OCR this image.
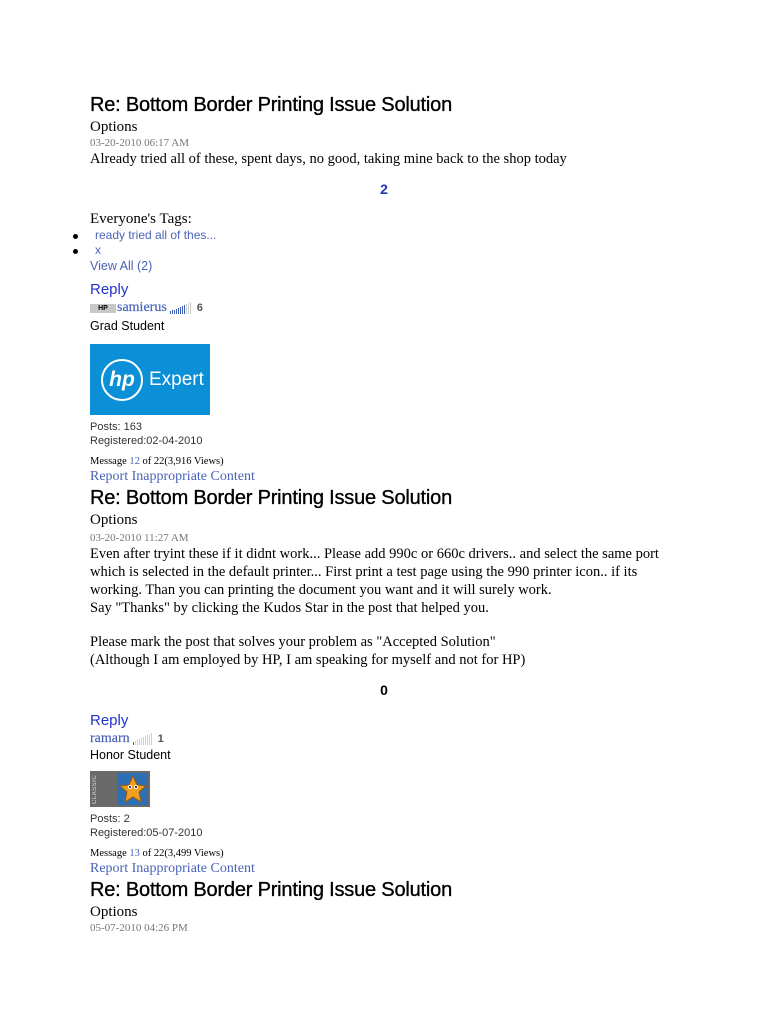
Re: Bottom Border Printing Issue Solution
Options
03-20-2010 06:17 AM
Already tried all of these, spent days, no good, taking mine back to the shop today
2
Everyone's Tags:
ready tried all of thes...
x
View All (2)
Reply
HP samierus	6
Grad Student
hp Expert
Posts: 163
Registered:02-04-2010
Message 12 of 22(3,916 Views)
Report Inappropriate Content
Re: Bottom Border Printing Issue Solution
Options
03-20-2010 11:27 AM
Even after tryint these if it didnt work... Please add 990c or 660c drivers.. and select the same port which is selected in the default printer... First print a test page using the 990 printer icon.. if its working. Than you can printing the document you want and it will surely work.
Say "Thanks" by clicking the Kudos Star in the post that helped you.
Please mark the post that solves your problem as "Accepted Solution"
(Although I am employed by HP, I am speaking for myself and not for HP)
0
Reply
ramarn	1
Honor Student
CLASSIC
Posts: 2
Registered:05-07-2010
Message 13 of 22(3,499 Views)
Report Inappropriate Content
Re: Bottom Border Printing Issue Solution
Options
05-07-2010 04:26 PM
